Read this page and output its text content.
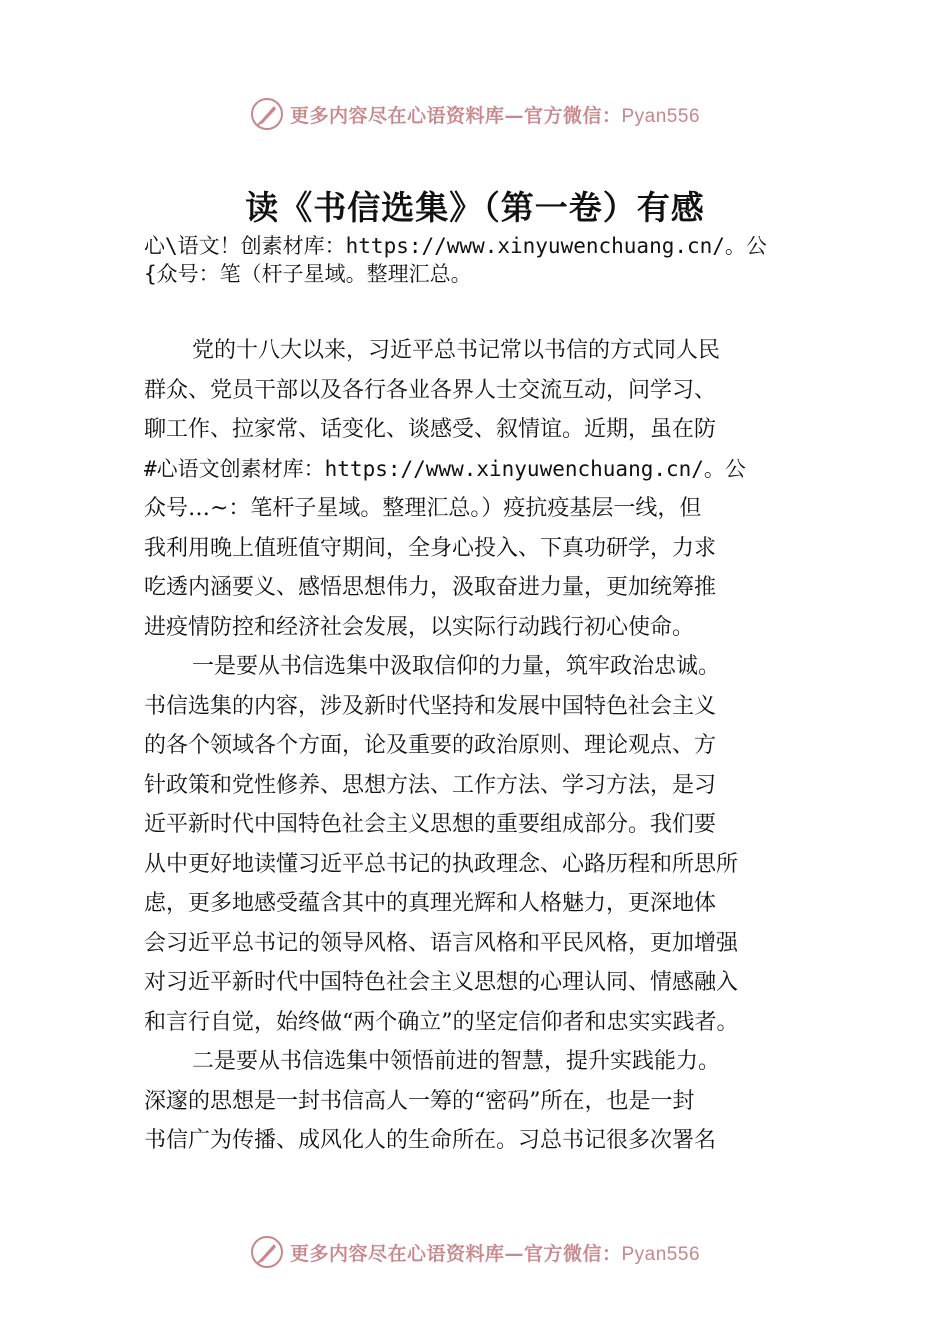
更多内容尽在心语资料库—官方微信：Pyan556
读《书信选集》（第一卷）有感
心\语文！创素材库：https://www.xinyuwenchuang.cn/。公
{众号：笔（杆子星域。整理汇总。
党的十八大以来，习近平总书记常以书信的方式同人民
群众、党员干部以及各行各业各界人士交流互动，问学习、
聊工作、拉家常、话变化、谈感受、叙情谊。近期，虽在防
#心语文创素材库：https://www.xinyuwenchuang.cn/。公
众号…~：笔杆子星域。整理汇总。）疫抗疫基层一线，但
我利用晚上值班值守期间，全身心投入、下真功研学，力求
吃透内涵要义、感悟思想伟力，汲取奋进力量，更加统筹推
进疫情防控和经济社会发展，以实际行动践行初心使命。
一是要从书信选集中汲取信仰的力量，筑牢政治忠诚。
书信选集的内容，涉及新时代坚持和发展中国特色社会主义
的各个领域各个方面，论及重要的政治原则、理论观点、方
针政策和党性修养、思想方法、工作方法、学习方法，是习
近平新时代中国特色社会主义思想的重要组成部分。我们要
从中更好地读懂习近平总书记的执政理念、心路历程和所思所
虑，更多地感受蕴含其中的真理光辉和人格魅力，更深地体
会习近平总书记的领导风格、语言风格和平民风格，更加增强
对习近平新时代中国特色社会主义思想的心理认同、情感融入
和言行自觉，始终做“两个确立”的坚定信仰者和忠实实践者。
二是要从书信选集中领悟前进的智慧，提升实践能力。
深邃的思想是一封书信高人一筹的“密码”所在，也是一封
书信广为传播、成风化人的生命所在。习总书记很多次署名
更多内容尽在心语资料库—官方微信：Pyan556
